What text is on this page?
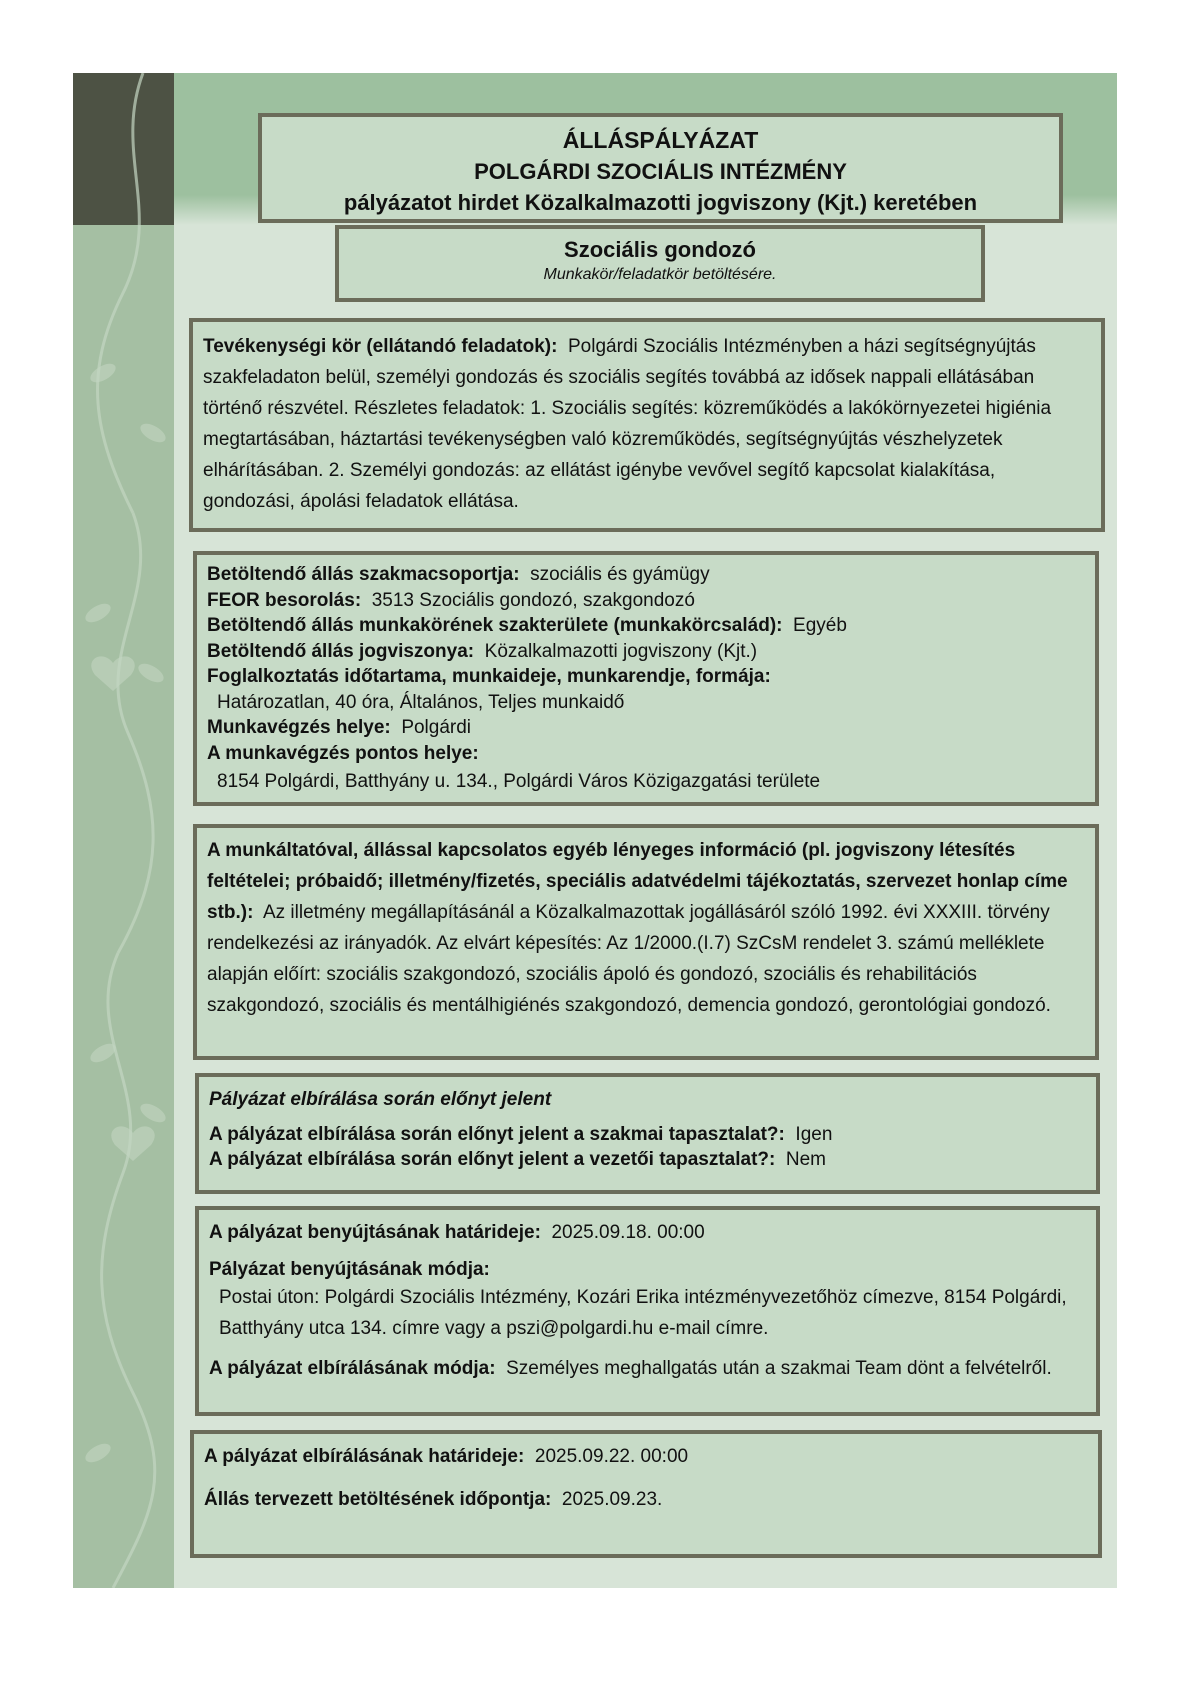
ÁLLÁSPÁLYÁZAT
POLGÁRDI SZOCIÁLIS INTÉZMÉNY
pályázatot hirdet Közalkalmazotti jogviszony (Kjt.) keretében
Szociális gondozó
Munkakör/feladatkör betöltésére.
Tevékenységi kör (ellátandó feladatok): Polgárdi Szociális Intézményben a házi segítségnyújtás szakfeladaton belül, személyi gondozás és szociális segítés továbbá az idősek nappali ellátásában történő részvétel. Részletes feladatok: 1. Szociális segítés: közreműködés a lakókörnyezetei higiénia megtartásában, háztartási tevékenységben való közreműködés, segítségnyújtás vészhelyzetek elhárításában. 2. Személyi gondozás: az ellátást igénybe vevővel segítő kapcsolat kialakítása, gondozási, ápolási feladatok ellátása.
Betöltendő állás szakmacsoportja: szociális és gyámügy
FEOR besorolás: 3513 Szociális gondozó, szakgondozó
Betöltendő állás munkakörének szakterülete (munkakörcsalád): Egyéb
Betöltendő állás jogviszonya: Közalkalmazotti jogviszony (Kjt.)
Foglalkoztatás időtartama, munkaideje, munkarendje, formája:
Határozatlan, 40 óra, Általános, Teljes munkaidő
Munkavégzés helye: Polgárdi
A munkavégzés pontos helye:
8154 Polgárdi, Batthyány u. 134., Polgárdi Város Közigazgatási területe
A munkáltatóval, állással kapcsolatos egyéb lényeges információ (pl. jogviszony létesítés feltételei; próbaidő; illetmény/fizetés, speciális adatvédelmi tájékoztatás, szervezet honlap címe stb.): Az illetmény megállapításánál a Közalkalmazottak jogállásáról szóló 1992. évi XXXIII. törvény rendelkezési az irányadók. Az elvárt képesítés: Az 1/2000.(I.7) SzCsM rendelet 3. számú melléklete alapján előírt: szociális szakgondozó, szociális ápoló és gondozó, szociális és rehabilitációs szakgondozó, szociális és mentálhigiénés szakgondozó, demencia gondozó, gerontológiai gondozó.
Pályázat elbírálása során előnyt jelent
A pályázat elbírálása során előnyt jelent a szakmai tapasztalat?: Igen
A pályázat elbírálása során előnyt jelent a vezetői tapasztalat?: Nem
A pályázat benyújtásának határideje: 2025.09.18. 00:00
Pályázat benyújtásának módja:
Postai úton: Polgárdi Szociális Intézmény, Kozári Erika intézményvezetőhöz címezve, 8154 Polgárdi, Batthyány utca 134. címre vagy a pszi@polgardi.hu e-mail címre.
A pályázat elbírálásának módja: Személyes meghallgatás után a szakmai Team dönt a felvételről.
A pályázat elbírálásának határideje: 2025.09.22. 00:00
Állás tervezett betöltésének időpontja: 2025.09.23.
